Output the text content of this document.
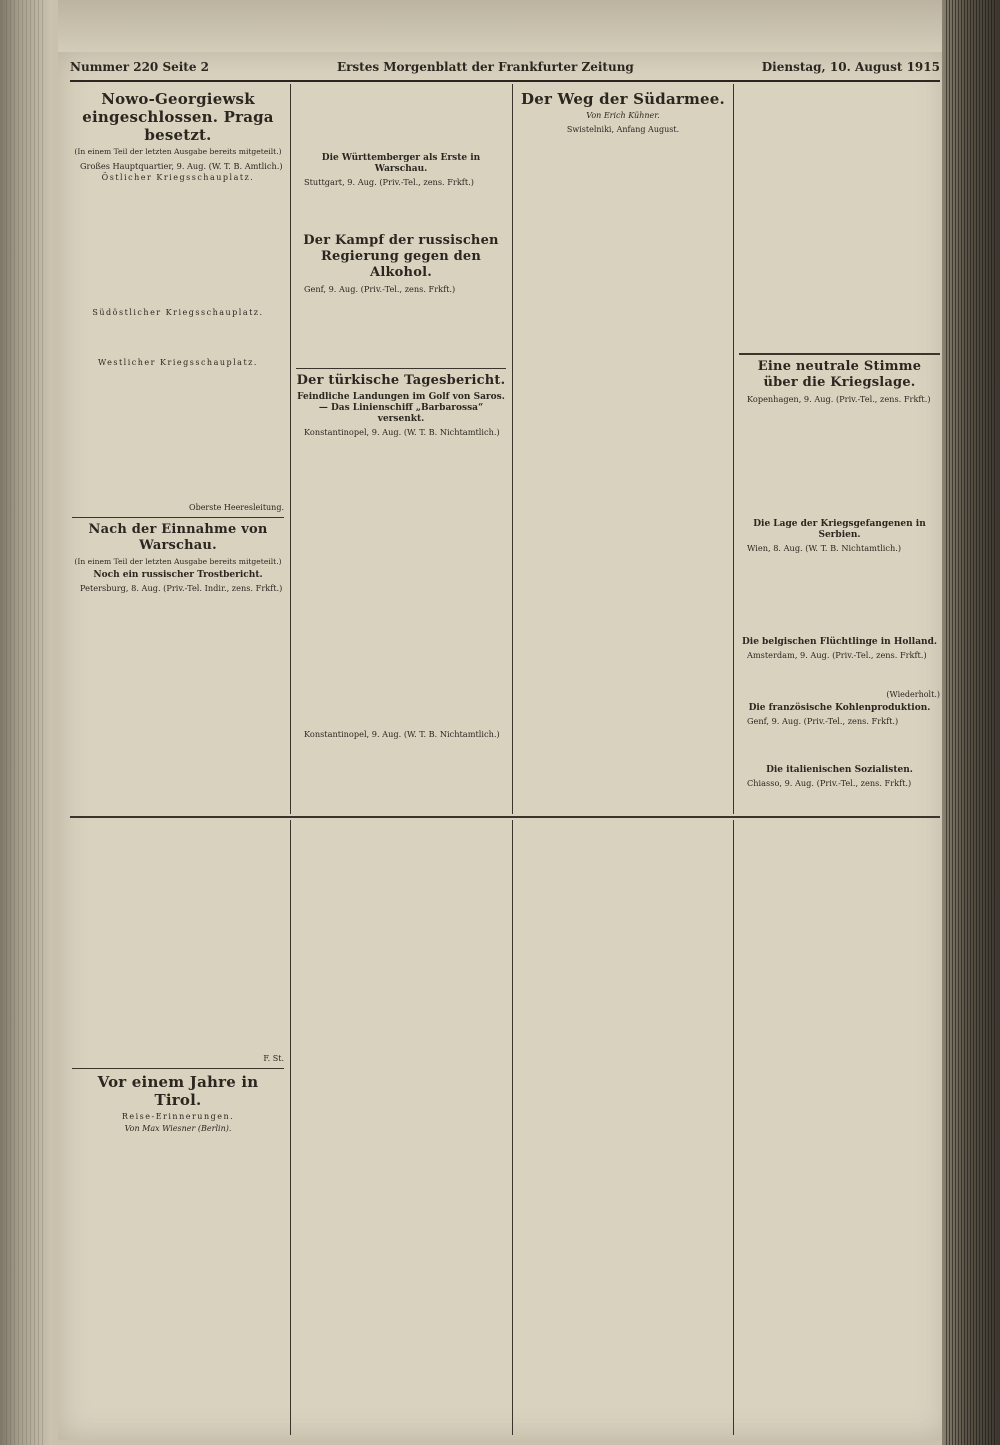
Nummer 220 Seite 2	Erstes Morgenblatt der Frankfurter Zeitung	Dienstag, 10. August 1915
Nowo-Georgiewsk eingeschlossen. Praga besetzt.
(In einem Teil der letzten Ausgabe bereits mitgeteilt.)
Großes Hauptquartier, 9. Aug. (W. T. B. Amtlich.)
Östlicher Kriegsschauplatz.
Südöstlicher Kriegsschauplatz.
Westlicher Kriegsschauplatz.
Oberste Heeresleitung.
Nach der Einnahme von Warschau.
(In einem Teil der letzten Ausgabe bereits mitgeteilt.)
Noch ein russischer Trostbericht.
Petersburg, 8. Aug. (Priv.-Tel. Indir., zens. Frkft.)
Die Württemberger als Erste in Warschau.
Stuttgart, 9. Aug. (Priv.-Tel., zens. Frkft.)
Der Kampf der russischen Regierung gegen den Alkohol.
Genf, 9. Aug. (Priv.-Tel., zens. Frkft.)
Der türkische Tagesbericht.
Feindliche Landungen im Golf von Saros. — Das Linienschiff „Barbarossa“ versenkt.
Konstantinopel, 9. Aug. (W. T. B. Nichtamtlich.)
Konstantinopel, 9. Aug. (W. T. B. Nichtamtlich.)
Der Weg der Südarmee.
Von Erich Kühner.
Swistelniki, Anfang August.
Eine neutrale Stimme über die Kriegslage.
Kopenhagen, 9. Aug. (Priv.-Tel., zens. Frkft.)
Die Lage der Kriegsgefangenen in Serbien.
Wien, 8. Aug. (W. T. B. Nichtamtlich.)
Die belgischen Flüchtlinge in Holland.
Amsterdam, 9. Aug. (Priv.-Tel., zens. Frkft.)
(Wiederholt.)
Die französische Kohlenproduktion.
Genf, 9. Aug. (Priv.-Tel., zens. Frkft.)
Die italienischen Sozialisten.
Chiasso, 9. Aug. (Priv.-Tel., zens. Frkft.)
F. St.
Vor einem Jahre in Tirol.
Reise-Erinnerungen.
Von Max Wiesner (Berlin).
